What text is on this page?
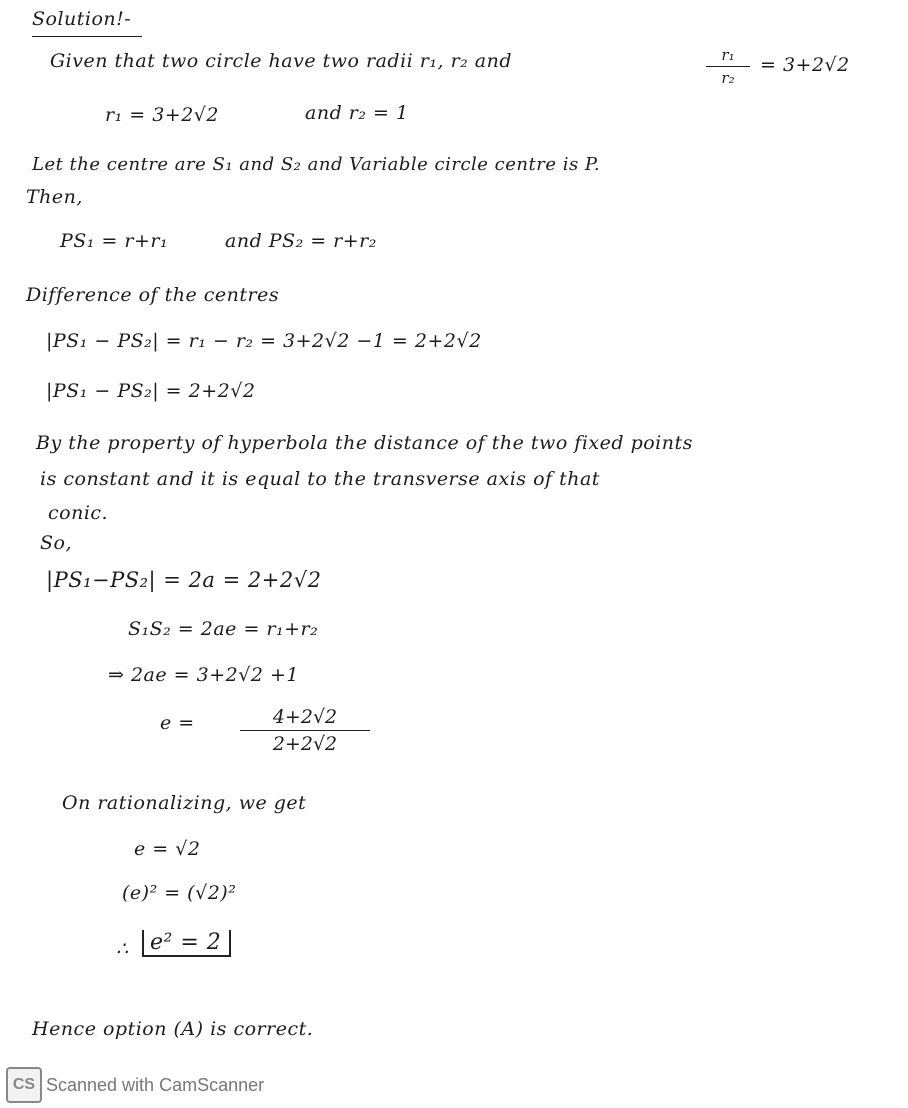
Solution!-
Given that two circle have two radii r₁, r₂ and	$\frac{\text{r₁}}{\text{r₂}} = 3+2√2$
r₁ = 3+2√2	and r₂ = 1
Let the centre are S₁ and S₂ and Variable circle centre is P.
Then,
PS₁ = r+r₁	and PS₂ = r+r₂
Difference of the centres
|PS₁ − PS₂| = r₁ − r₂ = 3+2√2 −1 = 2+2√2
|PS₁ − PS₂| = 2+2√2
By the property of hyperbola the distance of the two fixed points
is constant and it is equal to the transverse axis of that
conic.
So,
|PS₁−PS₂| = 2a = 2+2√2
S₁S₂ = 2ae = r₁+r₂
⇒ 2ae = 3+2√2 +1
$e = \frac{4+2√2}{2+2√2}$
On rationalizing, we get
e = √2
(e)² = (√2)²
∴ e² = 2
Hence option (A) is correct.
CS Scanned with CamScanner
